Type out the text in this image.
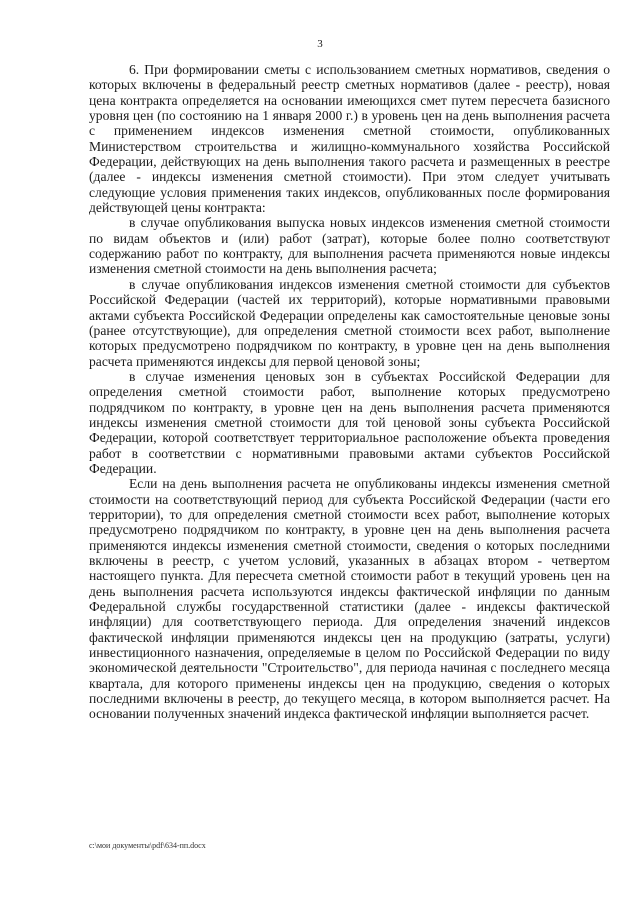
3

6. При формировании сметы с использованием сметных нормативов, сведения о которых включены в федеральный реестр сметных нормативов (далее - реестр), новая цена контракта определяется на основании имеющихся смет путем пересчета базисного уровня цен (по состоянию на 1 января 2000 г.) в уровень цен на день выполнения расчета с применением индексов изменения сметной стоимости, опубликованных Министерством строительства и жилищно-коммунального хозяйства Российской Федерации, действующих на день выполнения такого расчета и размещенных в реестре (далее - индексы изменения сметной стоимости). При этом следует учитывать следующие условия применения таких индексов, опубликованных после формирования действующей цены контракта:

в случае опубликования выпуска новых индексов изменения сметной стоимости по видам объектов и (или) работ (затрат), которые более полно соответствуют содержанию работ по контракту, для выполнения расчета применяются новые индексы изменения сметной стоимости на день выполнения расчета;

в случае опубликования индексов изменения сметной стоимости для субъектов Российской Федерации (частей их территорий), которые нормативными правовыми актами субъекта Российской Федерации определены как самостоятельные ценовые зоны (ранее отсутствующие), для определения сметной стоимости всех работ, выполнение которых предусмотрено подрядчиком по контракту, в уровне цен на день выполнения расчета применяются индексы для первой ценовой зоны;

в случае изменения ценовых зон в субъектах Российской Федерации для определения сметной стоимости работ, выполнение которых предусмотрено подрядчиком по контракту, в уровне цен на день выполнения расчета применяются индексы изменения сметной стоимости для той ценовой зоны субъекта Российской Федерации, которой соответствует территориальное расположение объекта проведения работ в соответствии с нормативными правовыми актами субъектов Российской Федерации.

Если на день выполнения расчета не опубликованы индексы изменения сметной стоимости на соответствующий период для субъекта Российской Федерации (части его территории), то для определения сметной стоимости всех работ, выполнение которых предусмотрено подрядчиком по контракту, в уровне цен на день выполнения расчета применяются индексы изменения сметной стоимости, сведения о которых последними включены в реестр, с учетом условий, указанных в абзацах втором - четвертом настоящего пункта. Для пересчета сметной стоимости работ в текущий уровень цен на день выполнения расчета используются индексы фактической инфляции по данным Федеральной службы государственной статистики (далее - индексы фактической инфляции) для соответствующего периода. Для определения значений индексов фактической инфляции применяются индексы цен на продукцию (затраты, услуги) инвестиционного назначения, определяемые в целом по Российской Федерации по виду экономической деятельности "Строительство", для периода начиная с последнего месяца квартала, для которого применены индексы цен на продукцию, сведения о которых последними включены в реестр, до текущего месяца, в котором выполняется расчет. На основании полученных значений индекса фактической инфляции выполняется расчет.

c:\мои документы\pdf\634-пп.docx
